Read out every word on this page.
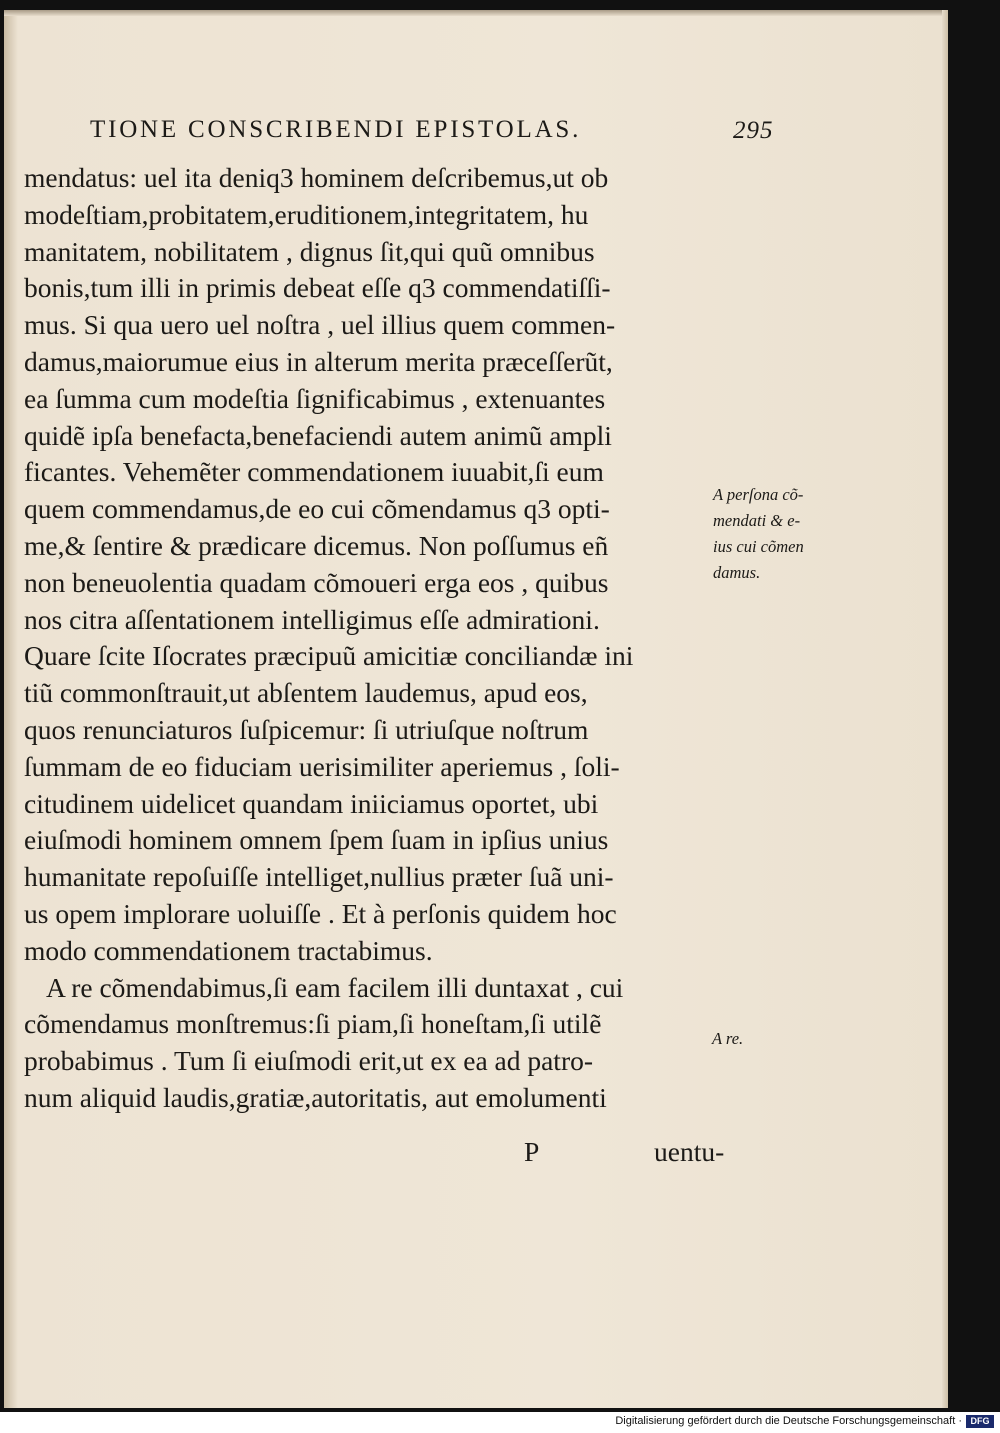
TIONE CONSCRIBENDI EPISTOLAS.	295
mendatus: uel ita deniq3 hominem deſcribemus,ut ob
modeſtiam,probitatem,eruditionem,integritatem, hu
manitatem, nobilitatem , dignus ſit,qui quũ omnibus
bonis,tum illi in primis debeat eſſe q3 commendatiſſi-
mus. Si qua uero uel noſtra , uel illius quem commen-
damus,maiorumue eius in alterum merita præceſſerũt,
ea ſumma cum modeſtia ſignificabimus , extenuantes
quidẽ ipſa benefacta,benefaciendi autem animũ ampli
ficantes. Vehemẽter commendationem iuuabit,ſi eum
quem commendamus,de eo cui cõmendamus q3 opti-
me,& ſentire & prædicare dicemus. Non poſſumus eñ
non beneuolentia quadam cõmoueri erga eos , quibus
nos citra aſſentationem intelligimus eſſe admirationi.
Quare ſcite Iſocrates præcipuũ amicitiæ conciliandæ ini
tiũ commonſtrauit,ut abſentem laudemus, apud eos,
quos renunciaturos ſuſpicemur: ſi utriuſque noſtrum
ſummam de eo fiduciam uerisimiliter aperiemus , ſoli-
citudinem uidelicet quandam iniiciamus oportet, ubi
eiuſmodi hominem omnem ſpem ſuam in ipſius unius
humanitate repoſuiſſe intelliget,nullius præter ſuã uni-
us opem implorare uoluiſſe . Et à perſonis quidem hoc
modo commendationem tractabimus.
A re cõmendabimus,ſi eam facilem illi duntaxat , cui
cõmendamus monſtremus:ſi piam,ſi honeſtam,ſi utilẽ
probabimus . Tum ſi eiuſmodi erit,ut ex ea ad patro-
num aliquid laudis,gratiæ,autoritatis, aut emolumenti
A perſona cõ-
mendati & e-
ius cui cõmen
damus.
A re.
P	uentu-
Digitalisierung gefördert durch die Deutsche Forschungsgemeinschaft · DFG
